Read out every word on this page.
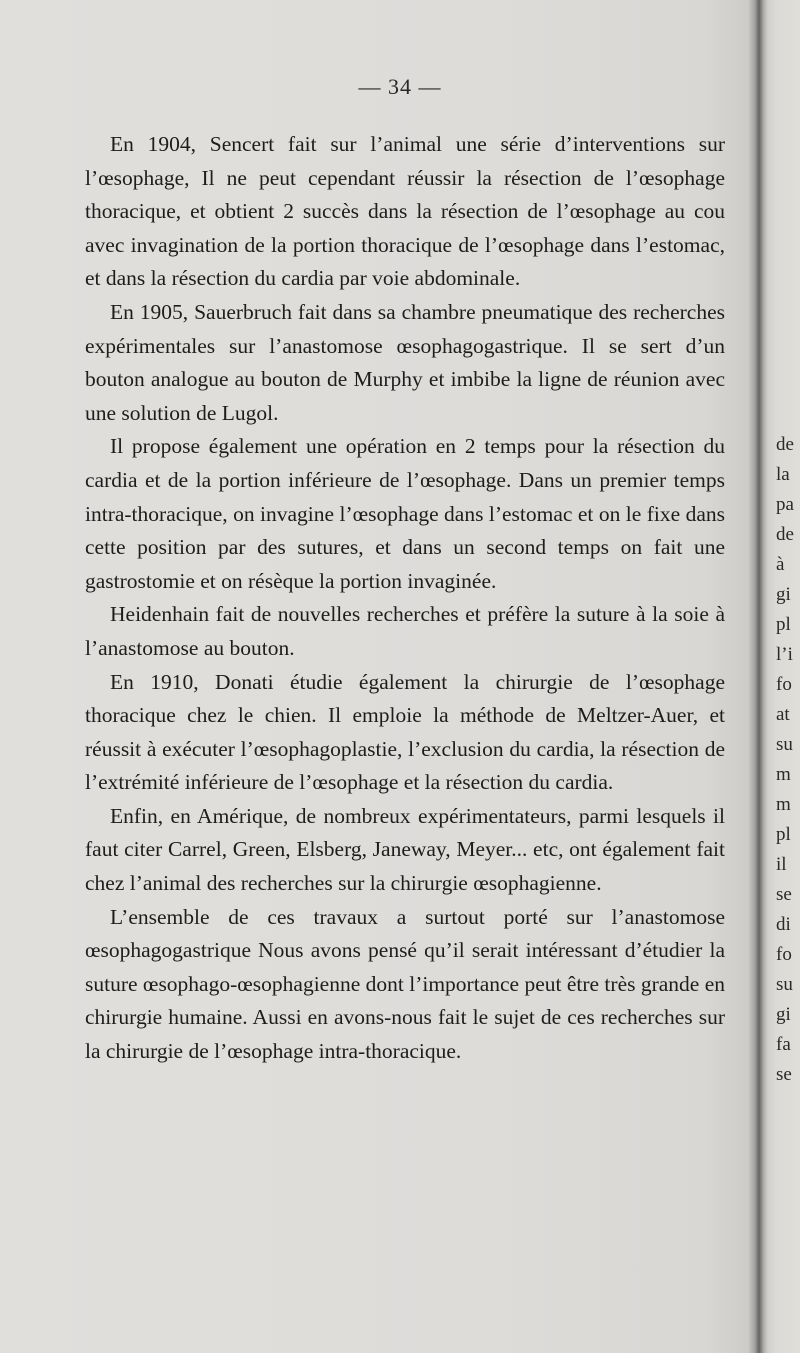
— 34 —

En 1904, Sencert fait sur l’animal une série d’interventions sur l’œsophage, Il ne peut cependant réussir la résection de l’œsophage thoracique, et obtient 2 succès dans la résection de l’œsophage au cou avec invagination de la portion thoracique de l’œsophage dans l’estomac, et dans la résection du cardia par voie abdominale.

En 1905, Sauerbruch fait dans sa chambre pneumatique des recherches expérimentales sur l’anastomose œsophagogastrique. Il se sert d’un bouton analogue au bouton de Murphy et imbibe la ligne de réunion avec une solution de Lugol.

Il propose également une opération en 2 temps pour la résection du cardia et de la portion inférieure de l’œsophage. Dans un premier temps intra-thoracique, on invagine l’œsophage dans l’estomac et on le fixe dans cette position par des sutures, et dans un second temps on fait une gastrostomie et on résèque la portion invaginée.

Heidenhain fait de nouvelles recherches et préfère la suture à la soie à l’anastomose au bouton.

En 1910, Donati étudie également la chirurgie de l’œsophage thoracique chez le chien. Il emploie la méthode de Meltzer-Auer, et réussit à exécuter l’œsophagoplastie, l’exclusion du cardia, la résection de l’extrémité inférieure de l’œsophage et la résection du cardia.

Enfin, en Amérique, de nombreux expérimentateurs, parmi lesquels il faut citer Carrel, Green, Elsberg, Janeway, Meyer... etc, ont également fait chez l’animal des recherches sur la chirurgie œsophagienne.

L’ensemble de ces travaux a surtout porté sur l’anastomose œsophagogastrique Nous avons pensé qu’il serait intéressant d’étudier la suture œsophago-œsophagienne dont l’importance peut être très grande en chirurgie humaine. Aussi en avons-nous fait le sujet de ces recherches sur la chirurgie de l’œsophage intra-thoracique.

de
la
pa
de
à
gi
pl
l’i
fo
at
su
m
m
pl
il
se
di
fo
su
gi
fa
se
